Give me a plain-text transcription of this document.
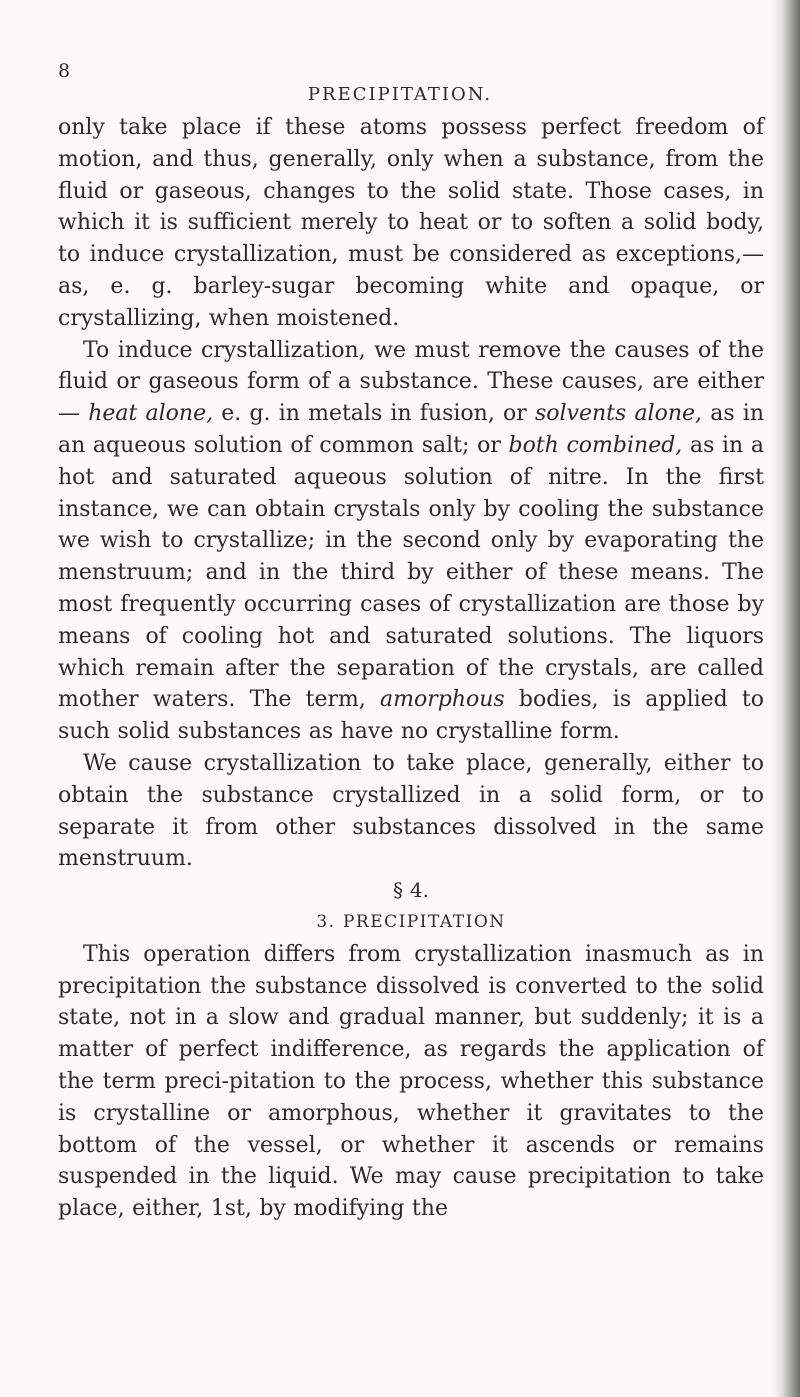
8
PRECIPITATION.

only take place if these atoms possess perfect freedom of motion, and thus, generally, only when a substance, from the fluid or gaseous, changes to the solid state. Those cases, in which it is sufficient merely to heat or to soften a solid body, to induce crystallization, must be considered as exceptions,—as, e. g. barley-sugar becoming white and opaque, or crystallizing, when moistened.

To induce crystallization, we must remove the causes of the fluid or gaseous form of a substance. These causes, are either— heat alone, e. g. in metals in fusion, or solvents alone, as in an aqueous solution of common salt; or both combined, as in a hot and saturated aqueous solution of nitre. In the first instance, we can obtain crystals only by cooling the substance we wish to crystallize; in the second only by evaporating the menstruum; and in the third by either of these means. The most frequently occurring cases of crystallization are those by means of cooling hot and saturated solutions. The liquors which remain after the separation of the crystals, are called mother waters. The term, amorphous bodies, is applied to such solid substances as have no crystalline form.

We cause crystallization to take place, generally, either to obtain the substance crystallized in a solid form, or to separate it from other substances dissolved in the same menstruum.

§ 4.

3. PRECIPITATION

This operation differs from crystallization inasmuch as in precipitation the substance dissolved is converted to the solid state, not in a slow and gradual manner, but suddenly; it is a matter of perfect indifference, as regards the application of the term preci-pitation to the process, whether this substance is crystalline or amorphous, whether it gravitates to the bottom of the vessel, or whether it ascends or remains suspended in the liquid. We may cause precipitation to take place, either, 1st, by modifying the
